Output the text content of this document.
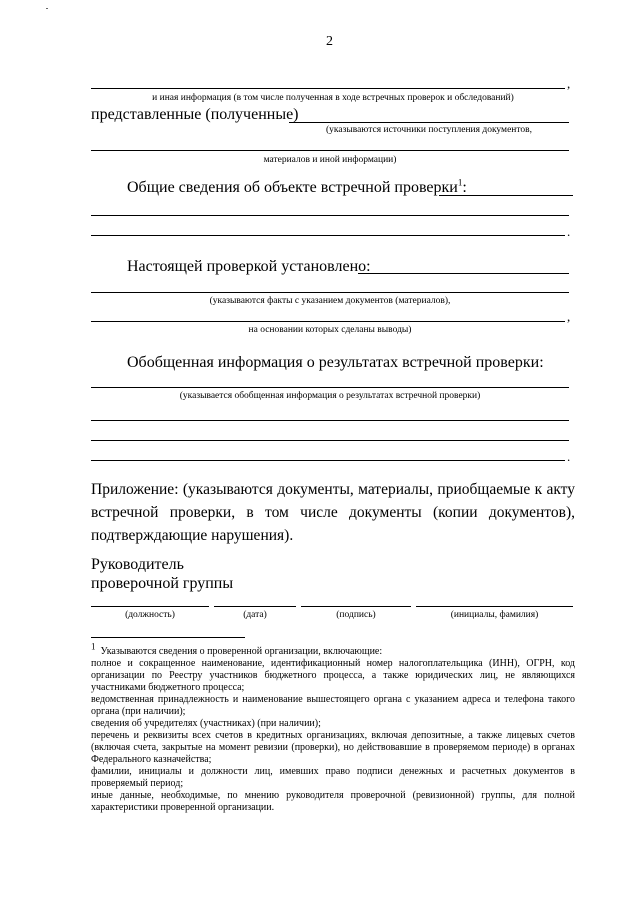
2
,
и иная информация (в том числе полученная в ходе встречных проверок и обследований)
представленные (полученные)
(указываются источники поступления документов,
материалов и иной информации)
Общие сведения об объекте встречной проверки$^1$:
.
Настоящей проверкой установлено:
(указываются факты с указанием документов (материалов),
,
на основании которых сделаны выводы)
Обобщенная информация о результатах встречной проверки:
(указывается обобщенная информация о результатах встречной проверки)
.
Приложение: (указываются документы, материалы, приобщаемые к акту встречной проверки, в том числе документы (копии документов), подтверждающие нарушения).
Руководитель
проверочной группы
(должность)	(дата)	(подпись)	(инициалы, фамилия)

1 Указываются сведения о проверенной организации, включающие:

полное и сокращенное наименование, идентификационный номер налогоплательщика (ИНН), ОГРН, код организации по Реестру участников бюджетного процесса, а также юридических лиц, не являющихся участниками бюджетного процесса;

ведомственная принадлежность и наименование вышестоящего органа с указанием адреса и телефона такого органа (при наличии);

сведения об учредителях (участниках) (при наличии);

перечень и реквизиты всех счетов в кредитных организациях, включая депозитные, а также лицевых счетов (включая счета, закрытые на момент ревизии (проверки), но действовавшие в проверяемом периоде) в органах Федерального казначейства;

фамилии, инициалы и должности лиц, имевших право подписи денежных и расчетных документов в проверяемый период;

иные данные, необходимые, по мнению руководителя проверочной (ревизионной) группы, для полной характеристики проверенной организации.
